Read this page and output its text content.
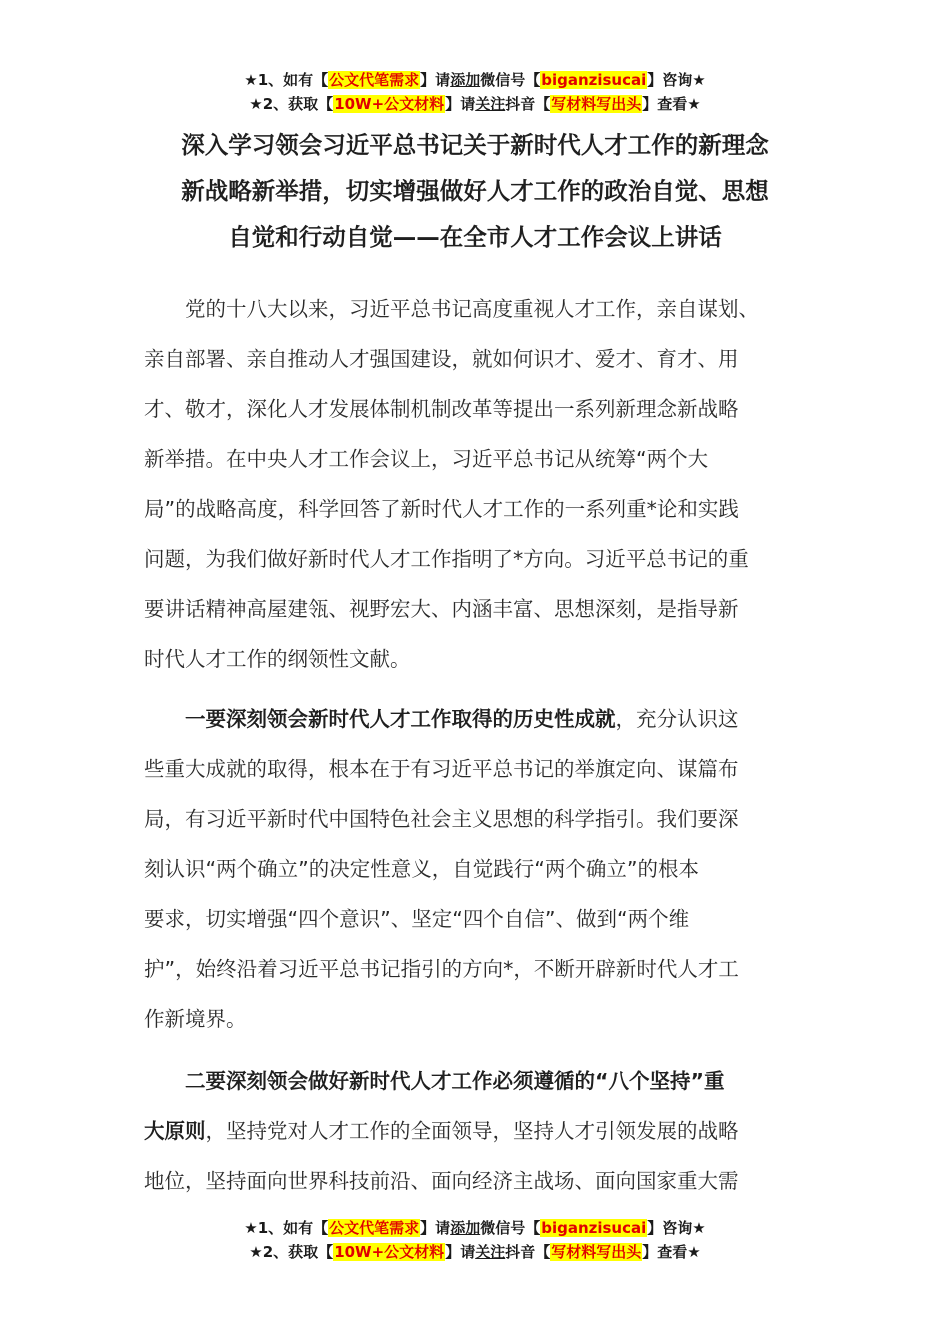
★1、如有【公文代笔需求】请添加微信号【biganzisucai】咨询★
★2、获取【10W+公文材料】请关注抖音【写材料写出头】查看★
深入学习领会习近平总书记关于新时代人才工作的新理念
新战略新举措，切实增强做好人才工作的政治自觉、思想
自觉和行动自觉——在全市人才工作会议上讲话
党的十八大以来，习近平总书记高度重视人才工作，亲自谋划、
亲自部署、亲自推动人才强国建设，就如何识才、爱才、育才、用
才、敬才，深化人才发展体制机制改革等提出一系列新理念新战略
新举措。在中央人才工作会议上，习近平总书记从统筹“两个大
局”的战略高度，科学回答了新时代人才工作的一系列重*论和实践
问题，为我们做好新时代人才工作指明了*方向。习近平总书记的重
要讲话精神高屋建瓴、视野宏大、内涵丰富、思想深刻，是指导新
时代人才工作的纲领性文献。
一要深刻领会新时代人才工作取得的历史性成就，充分认识这
些重大成就的取得，根本在于有习近平总书记的举旗定向、谋篇布
局，有习近平新时代中国特色社会主义思想的科学指引。我们要深
刻认识“两个确立”的决定性意义，自觉践行“两个确立”的根本
要求，切实增强“四个意识”、坚定“四个自信”、做到“两个维
护”，始终沿着习近平总书记指引的方向*，不断开辟新时代人才工
作新境界。
二要深刻领会做好新时代人才工作必须遵循的“八个坚持”重
大原则，坚持党对人才工作的全面领导，坚持人才引领发展的战略
地位，坚持面向世界科技前沿、面向经济主战场、面向国家重大需
★1、如有【公文代笔需求】请添加微信号【biganzisucai】咨询★
★2、获取【10W+公文材料】请关注抖音【写材料写出头】查看★
